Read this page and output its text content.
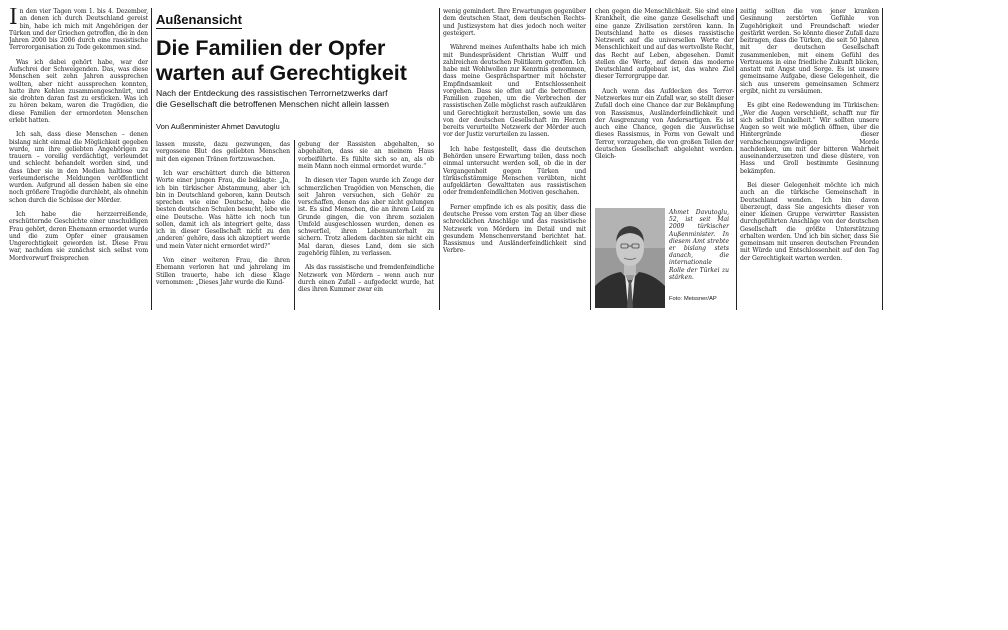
In den vier Tagen vom 1. bis 4. Dezember, an denen ich durch Deutschland gereist bin, habe ich mich mit Angehörigen der Türken und der Griechen getroffen, die in den Jahren 2000 bis 2006 durch eine rassistische Terrororganisation zu Tode gekommen sind.

Was ich dabei gehört habe, war der Aufschrei der Schweigenden. Das, was diese Menschen seit zehn Jahren aussprechen wollten, aber nicht aussprechen konnten, hatte ihre Kehlen zusammengeschnürt, und sie drohten daran fast zu ersticken. Was ich zu hören bekam, waren die Tragödien, die diese Familien der ermordeten Menschen erlebt hatten.

Ich sah, dass diese Menschen – denen bislang nicht einmal die Möglichkeit gegeben wurde, um ihre geliebten Angehörigen zu trauern – voreilig verdächtigt, verleumdet und schlecht behandelt worden sind, und dass über sie in den Medien haltlose und verleumderische Meldungen veröffentlicht wurden. Aufgrund all dessen haben sie eine noch größere Tragödie durchlebt, als ohnehin schon durch die Schüsse der Mörder.

Ich habe die herzzerreißende, erschütternde Geschichte einer unschuldigen Frau gehört, deren Ehemann ermordet wurde und die zum Opfer einer grausamen Ungerechtigkeit geworden ist. Diese Frau war, nachdem sie zunächst sich selbst vom Mordvorwurf freisprechen

Außenansicht
Die Familien der Opfer
warten auf Gerechtigkeit
Nach der Entdeckung des rassistischen Terrornetzwerks darf
die Gesellschaft die betroffenen Menschen nicht allein lassen
Von Außenminister Ahmet Davutoglu

lassen musste, dazu gezwungen, das vergossene Blut des geliebten Menschen mit den eigenen Tränen fortzuwaschen.

Ich war erschüttert durch die bitteren Worte einer jungen Frau, die beklagte: „Ja, ich bin türkischer Abstammung, aber ich bin in Deutschland geboren, kann Deutsch sprechen wie eine Deutsche, habe die besten deutschen Schulen besucht, lebe wie eine Deutsche. Was hätte ich noch tun sollen, damit ich als integriert gelte, dass ich in dieser Gesellschaft nicht zu den ‚anderen‘ gehöre, dass ich akzeptiert werde und mein Vater nicht ermordet wird?“

Von einer weiteren Frau, die ihren Ehemann verloren hat und jahrelang im Stillen trauerte, habe ich diese Klage vernommen: „Dieses Jahr wurde die Kund-

gebung der Rassisten abgehalten, so abgehalten, dass sie an meinem Haus vorbeiführte. Es fühlte sich so an, als ob mein Mann noch einmal ermordet wurde.“

In diesen vier Tagen wurde ich Zeuge der schmerzlichen Tragödien von Menschen, die seit Jahren versuchen, sich Gehör zu verschaffen, denen das aber nicht gelungen ist. Es sind Menschen, die an ihrem Leid zu Grunde gingen, die von ihrem sozialen Umfeld ausgeschlossen wurden, denen es schwerfiel, ihren Lebensunterhalt zu sichern. Trotz alledem dachten sie nicht ein Mal daran, dieses Land, dem sie sich zugehörig fühlen, zu verlassen.

Als das rassistische und fremdenfeindliche Netzwerk von Mördern – wenn auch nur durch einen Zufall – aufgedeckt wurde, hat dies ihren Kummer zwar ein

wenig gemindert. Ihre Erwartungen gegenüber dem deutschen Staat, dem deutschen Rechts- und Justizsystem hat dies jedoch noch weiter gesteigert.

Während meines Aufenthalts habe ich mich mit Bundespräsident Christian Wulff und zahlreichen deutschen Politikern getroffen. Ich habe mit Wohlwollen zur Kenntnis genommen, dass meine Gesprächspartner mit höchster Empfindsamkeit und Entschlossenheit vorgehen. Dass sie offen auf die betroffenen Familien zugehen, um die Verbrechen der rassistischen Zelle möglichst rasch aufzuklären und Gerechtigkeit herzustellen, sowie um das von der deutschen Gesellschaft im Herzen bereits verurteilte Netzwerk der Mörder auch vor der Justiz verurteilen zu lassen.

Ich habe festgestellt, dass die deutschen Behörden unsere Erwartung teilen, dass noch einmal untersucht werden soll, ob die in der Vergangenheit gegen Türken und türkischstämmige Menschen verübten, nicht aufgeklärten Gewalttaten aus rassistischen oder fremdenfeindlichen Motiven geschahen.

Ferner empfinde ich es als positiv, dass die deutsche Presse vom ersten Tag an über diese schrecklichen Anschläge und das rassistische Netzwerk von Mördern im Detail und mit gesundem Menschenverstand berichtet hat. Rassismus und Ausländerfeindlichkeit sind Verbre-

chen gegen die Menschlichkeit. Sie sind eine Krankheit, die eine ganze Gesellschaft und eine ganze Zivilisation zerstören kann. In Deutschland hatte es dieses rassistische Netzwerk auf die universellen Werte der Menschlichkeit und auf das wertvollste Recht, das Recht auf Leben, abgesehen. Damit stellen die Werte, auf denen das moderne Deutschland aufgebaut ist, das wahre Ziel dieser Terrorgruppe dar.

Auch wenn das Aufdecken des Terror-Netzwerkes nur ein Zufall war, so stellt dieser Zufall doch eine Chance dar zur Bekämpfung von Rassismus, Ausländerfeindlichkeit und der Ausgrenzung von Andersartigen. Es ist auch eine Chance, gegen die Auswüchse dieses Rassismus, in Form von Gewalt und Terror, vorzugehen, die von großen Teilen der deutschen Gesellschaft abgelehnt werden. Gleich-

Ahmet Davutoglu, 52, ist seit Mai 2009 türkischer Außenminister. In diesem Amt strebte er bislang stets danach, die internationale Rolle der Türkei zu stärken.
Foto: Meissner/AP

zeitig sollten die von jener kranken Gesinnung zerstörten Gefühle von Zugehörigkeit und Freundschaft wieder gestärkt werden. So könnte dieser Zufall dazu beitragen, dass die Türken, die seit 50 Jahren mit der deutschen Gesellschaft zusammenleben, mit einem Gefühl des Vertrauens in eine friedliche Zukunft blicken, anstatt mit Angst und Sorge. Es ist unsere gemeinsame Aufgabe, diese Gelegenheit, die sich aus unserem gemeinsamen Schmerz ergibt, nicht zu versäumen.

Es gibt eine Redewendung im Türkischen: „Wer die Augen verschließt, schafft nur für sich selbst Dunkelheit.“ Wir sollten unsere Augen so weit wie möglich öffnen, über die Hintergründe dieser verabscheuungswürdigen Morde nachdenken, um mit der bitteren Wahrheit auseinanderzusetzen und diese düstere, von Hass und Groll bestimmte Gesinnung bekämpfen.

Bei dieser Gelegenheit möchte ich mich auch an die türkische Gemeinschaft in Deutschland wenden. Ich bin davon überzeugt, dass Sie angesichts dieser von einer kleinen Gruppe verwirrter Rassisten durchgeführten Anschläge von der deutschen Gesellschaft die größte Unterstützung erhalten werden. Und ich bin sicher, dass Sie gemeinsam mit unseren deutschen Freunden mit Würde und Entschlossenheit auf den Tag der Gerechtigkeit warten werden.
